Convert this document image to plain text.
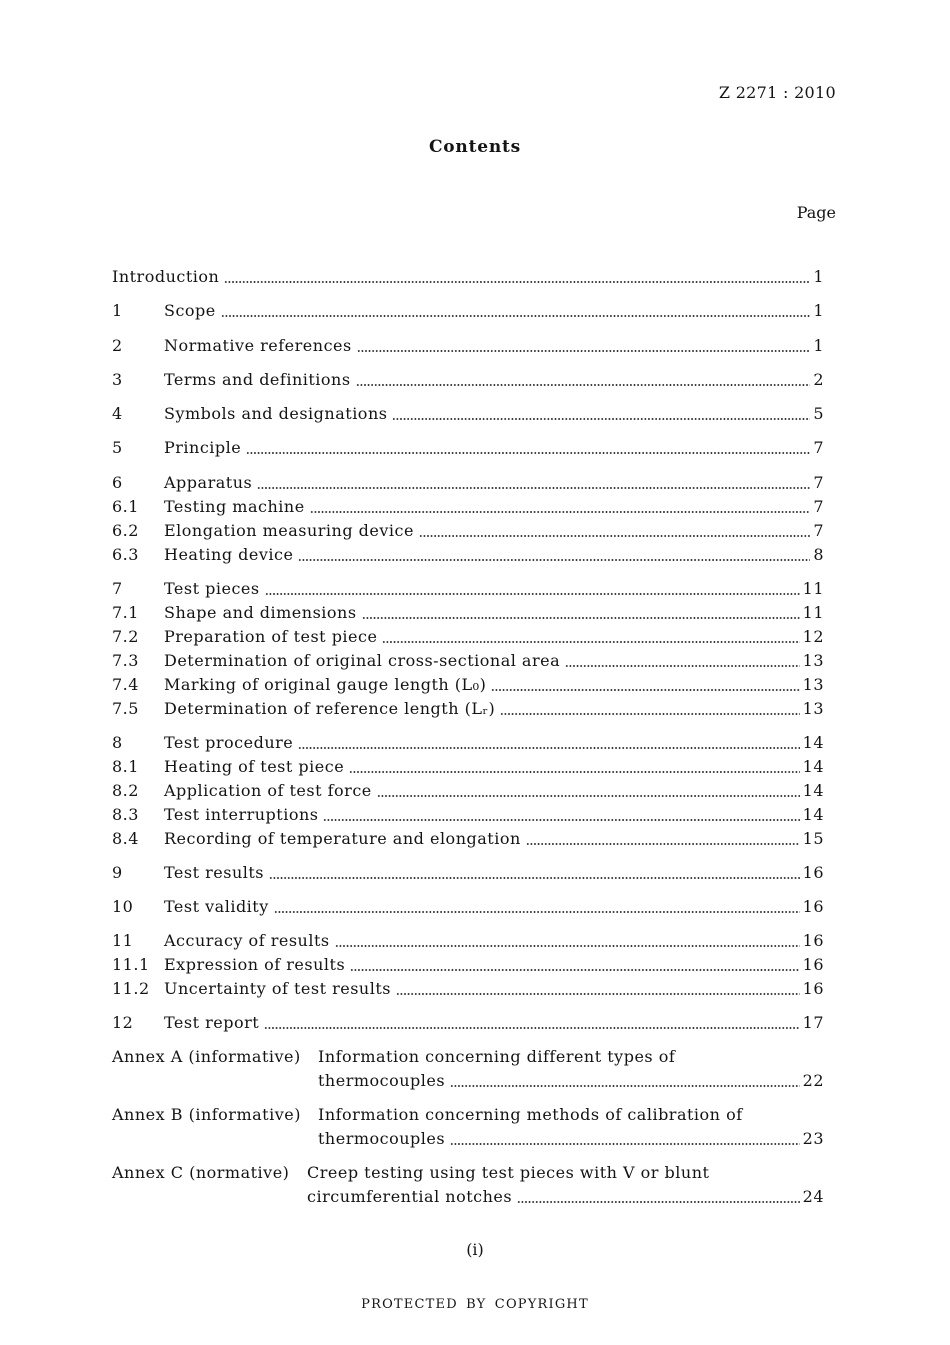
Z 2271 : 2010
Contents
Page
Introduction	1
1	Scope	1
2	Normative references	1
3	Terms and definitions	2
4	Symbols and designations	5
5	Principle	7
6	Apparatus	7
6.1 Testing machine	7
6.2 Elongation measuring device	7
6.3 Heating device	8
7	Test pieces	11
7.1 Shape and dimensions	11
7.2 Preparation of test piece	12
7.3 Determination of original cross-sectional area	13
7.4 Marking of original gauge length (L₀)	13
7.5 Determination of reference length (Lᵣ)	13
8	Test procedure	14
8.1 Heating of test piece	14
8.2 Application of test force	14
8.3 Test interruptions	14
8.4 Recording of temperature and elongation	15
9	Test results	16
10 Test validity	16
11 Accuracy of results	16
11.1 Expression of results	16
11.2 Uncertainty of test results	16
12 Test report	17
Annex A (informative) Information concerning different types of
thermocouples	22
Annex B (informative) Information concerning methods of calibration of
thermocouples	23
Annex C (normative) Creep testing using test pieces with V or blunt
circumferential notches	24
(i)
PROTECTED BY COPYRIGHT
